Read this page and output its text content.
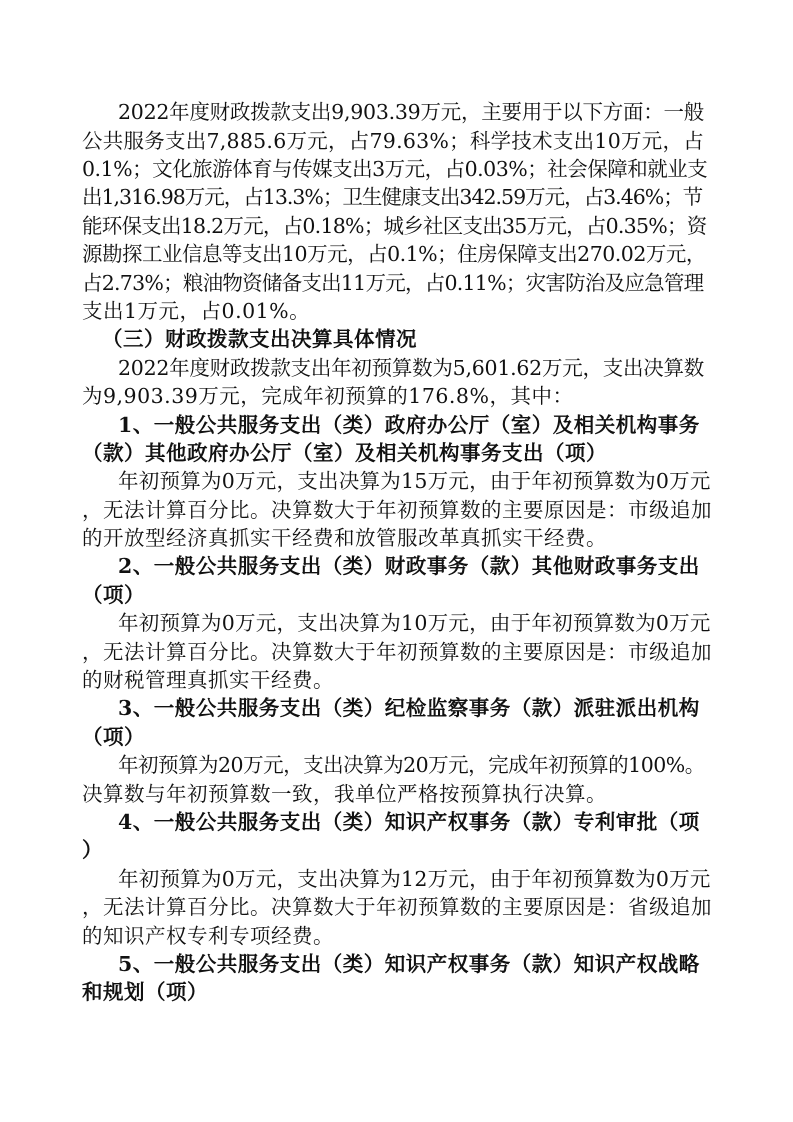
2022年度财政拨款支出9,903.39万元，主要用于以下方面：一般

公共服务支出7,885.6万元，占79.63%；科学技术支出10万元，占

0.1%；文化旅游体育与传媒支出3万元，占0.03%；社会保障和就业支

出1,316.98万元，占13.3%；卫生健康支出342.59万元，占3.46%；节

能环保支出18.2万元，占0.18%；城乡社区支出35万元，占0.35%；资

源勘探工业信息等支出10万元，占0.1%；住房保障支出270.02万元，

占2.73%；粮油物资储备支出11万元，占0.11%；灾害防治及应急管理

支出1万元，占0.01%。

（三）财政拨款支出决算具体情况

2022年度财政拨款支出年初预算数为5,601.62万元，支出决算数

为9,903.39万元，完成年初预算的176.8%，其中：

1、一般公共服务支出（类）政府办公厅（室）及相关机构事务

（款）其他政府办公厅（室）及相关机构事务支出（项）

年初预算为0万元，支出决算为15万元，由于年初预算数为0万元

，无法计算百分比。决算数大于年初预算数的主要原因是：市级追加

的开放型经济真抓实干经费和放管服改革真抓实干经费。

2、一般公共服务支出（类）财政事务（款）其他财政事务支出

（项）

年初预算为0万元，支出决算为10万元，由于年初预算数为0万元

，无法计算百分比。决算数大于年初预算数的主要原因是：市级追加

的财税管理真抓实干经费。

3、一般公共服务支出（类）纪检监察事务（款）派驻派出机构

（项）

年初预算为20万元，支出决算为20万元，完成年初预算的100%。

决算数与年初预算数一致，我单位严格按预算执行决算。

4、一般公共服务支出（类）知识产权事务（款）专利审批（项

）

年初预算为0万元，支出决算为12万元，由于年初预算数为0万元

，无法计算百分比。决算数大于年初预算数的主要原因是：省级追加

的知识产权专利专项经费。

5、一般公共服务支出（类）知识产权事务（款）知识产权战略

和规划（项）
